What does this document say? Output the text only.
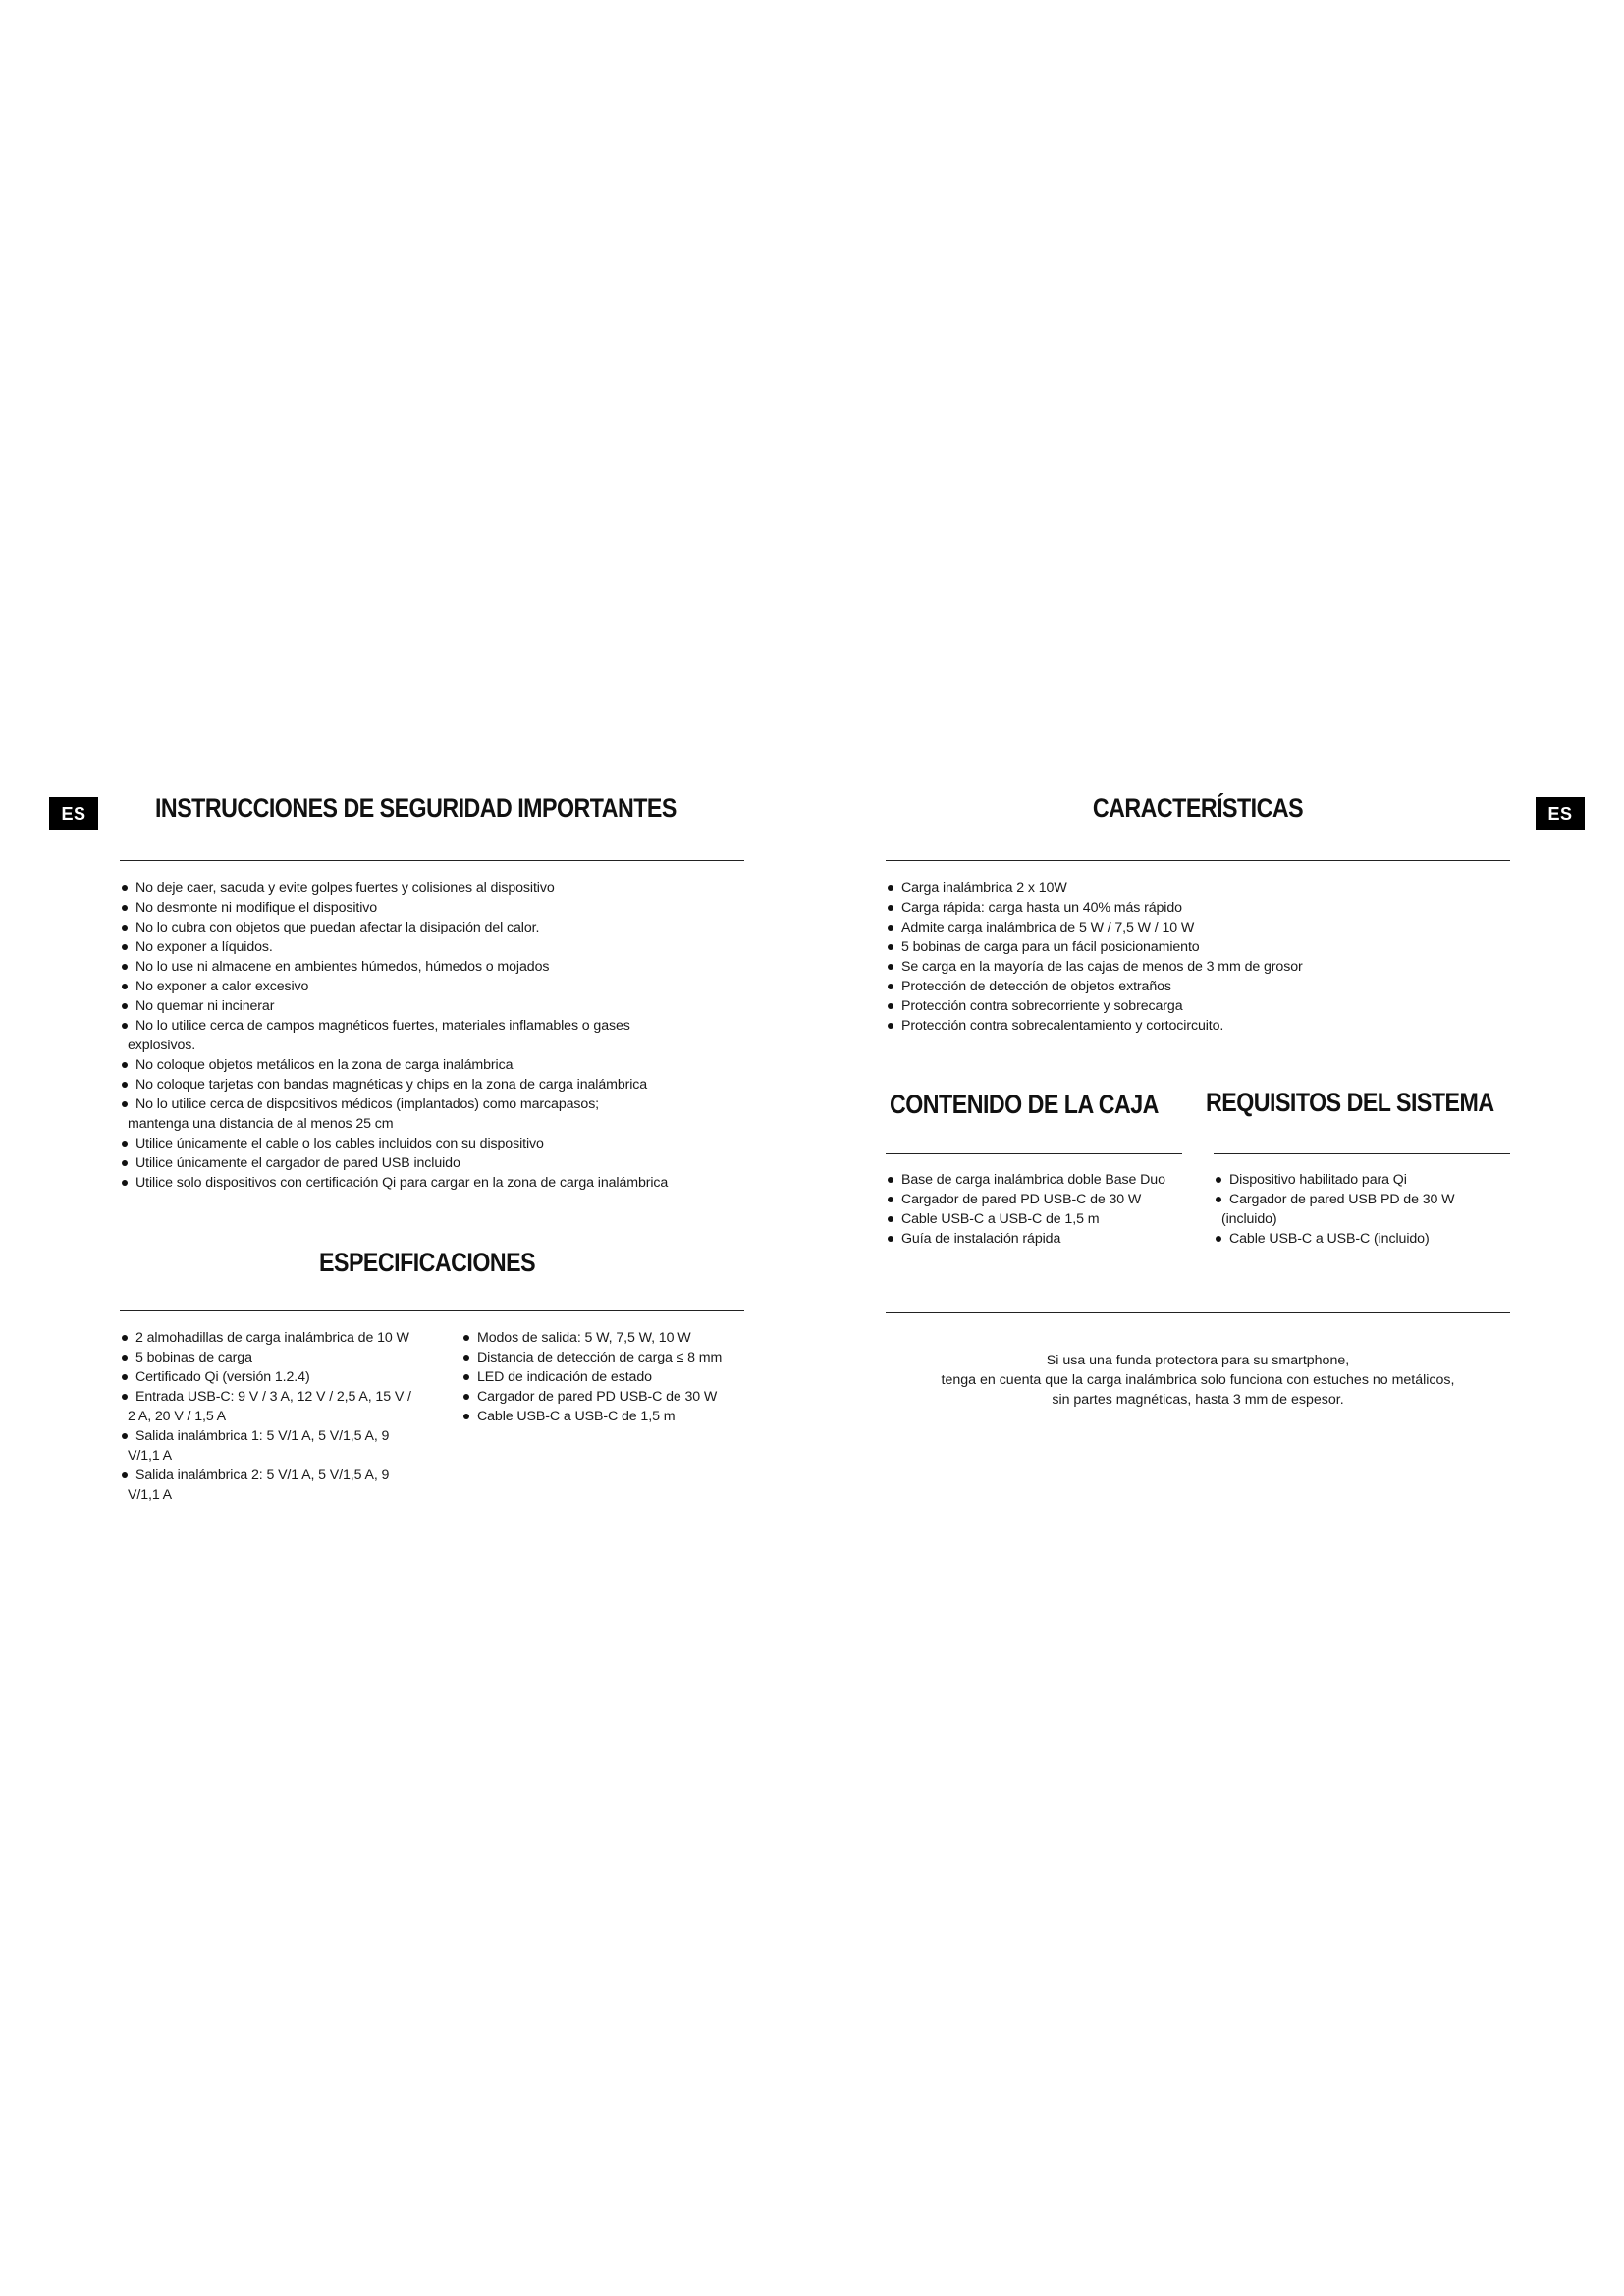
ES	ES
INSTRUCCIONES DE SEGURIDAD IMPORTANTES
No deje caer, sacuda y evite golpes fuertes y colisiones al dispositivo
No desmonte ni modifique el dispositivo
No lo cubra con objetos que puedan afectar la disipación del calor.
No exponer a líquidos.
No lo use ni almacene en ambientes húmedos, húmedos o mojados
No exponer a calor excesivo
No quemar ni incinerar
No lo utilice cerca de campos magnéticos fuertes, materiales inflamables o gases
explosivos.
No coloque objetos metálicos en la zona de carga inalámbrica
No coloque tarjetas con bandas magnéticas y chips en la zona de carga inalámbrica
No lo utilice cerca de dispositivos médicos (implantados) como marcapasos;
mantenga una distancia de al menos 25 cm
Utilice únicamente el cable o los cables incluidos con su dispositivo
Utilice únicamente el cargador de pared USB incluido
Utilice solo dispositivos con certificación Qi para cargar en la zona de carga inalámbrica
ESPECIFICACIONES
2 almohadillas de carga inalámbrica de 10 W
5 bobinas de carga
Certificado Qi (versión 1.2.4)
Entrada USB-C: 9 V / 3 A, 12 V / 2,5 A, 15 V /
2 A, 20 V / 1,5 A
Salida inalámbrica 1: 5 V/1 A, 5 V/1,5 A, 9
V/1,1 A
Salida inalámbrica 2: 5 V/1 A, 5 V/1,5 A, 9
V/1,1 A
Modos de salida: 5 W, 7,5 W, 10 W
Distancia de detección de carga ≤ 8 mm
LED de indicación de estado
Cargador de pared PD USB-C de 30 W
Cable USB-C a USB-C de 1,5 m
CARACTERÍSTICAS
Carga inalámbrica 2 x 10W
Carga rápida: carga hasta un 40% más rápido
Admite carga inalámbrica de 5 W / 7,5 W / 10 W
5 bobinas de carga para un fácil posicionamiento
Se carga en la mayoría de las cajas de menos de 3 mm de grosor
Protección de detección de objetos extraños
Protección contra sobrecorriente y sobrecarga
Protección contra sobrecalentamiento y cortocircuito.
CONTENIDO DE LA CAJA
Base de carga inalámbrica doble Base Duo
Cargador de pared PD USB-C de 30 W
Cable USB-C a USB-C de 1,5 m
Guía de instalación rápida
REQUISITOS DEL SISTEMA
Dispositivo habilitado para Qi
Cargador de pared USB PD de 30 W
(incluido)
Cable USB-C a USB-C (incluido)
Si usa una funda protectora para su smartphone,
tenga en cuenta que la carga inalámbrica solo funciona con estuches no metálicos,
sin partes magnéticas, hasta 3 mm de espesor.
